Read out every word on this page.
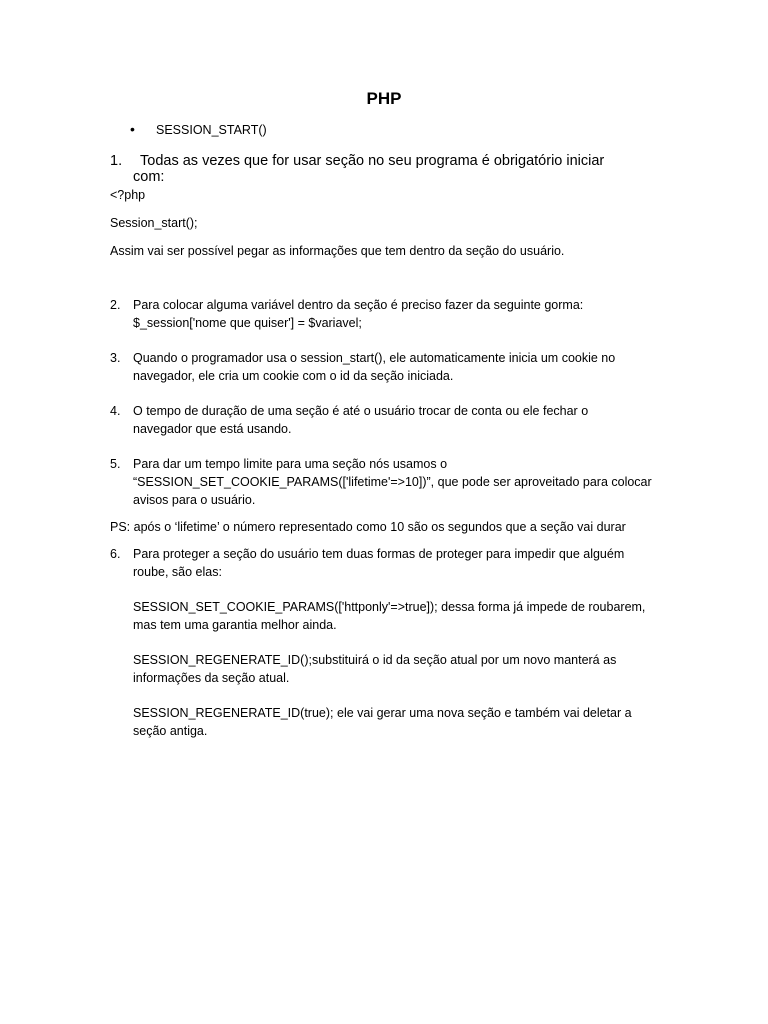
PHP
• SESSION_START()
1. Todas as vezes que for usar seção no seu programa é obrigatório iniciar
com:
<?php
Session_start();
Assim vai ser possível pegar as informações que tem dentro da seção do usuário.
2. Para colocar alguma variável dentro da seção é preciso fazer da seguinte gorma:
$_session['nome que quiser'] = $variavel;
3. Quando o programador usa o session_start(), ele automaticamente inicia um cookie no
navegador, ele cria um cookie com o id da seção iniciada.
4. O tempo de duração de uma seção é até o usuário trocar de conta ou ele fechar o
navegador que está usando.
5. Para dar um tempo limite para uma seção nós usamos o
“SESSION_SET_COOKIE_PARAMS(['lifetime'=>10])”, que pode ser aproveitado para colocar
avisos para o usuário.
PS: após o ‘lifetime’ o número representado como 10 são os segundos que a seção vai durar
6. Para proteger a seção do usuário tem duas formas de proteger para impedir que alguém
roube, são elas:
SESSION_SET_COOKIE_PARAMS(['httponly'=>true]); dessa forma já impede de roubarem,
mas tem uma garantia melhor ainda.
SESSION_REGENERATE_ID();substituirá o id da seção atual por um novo manterá as
informações da seção atual.
SESSION_REGENERATE_ID(true); ele vai gerar uma nova seção e também vai deletar a
seção antiga.
